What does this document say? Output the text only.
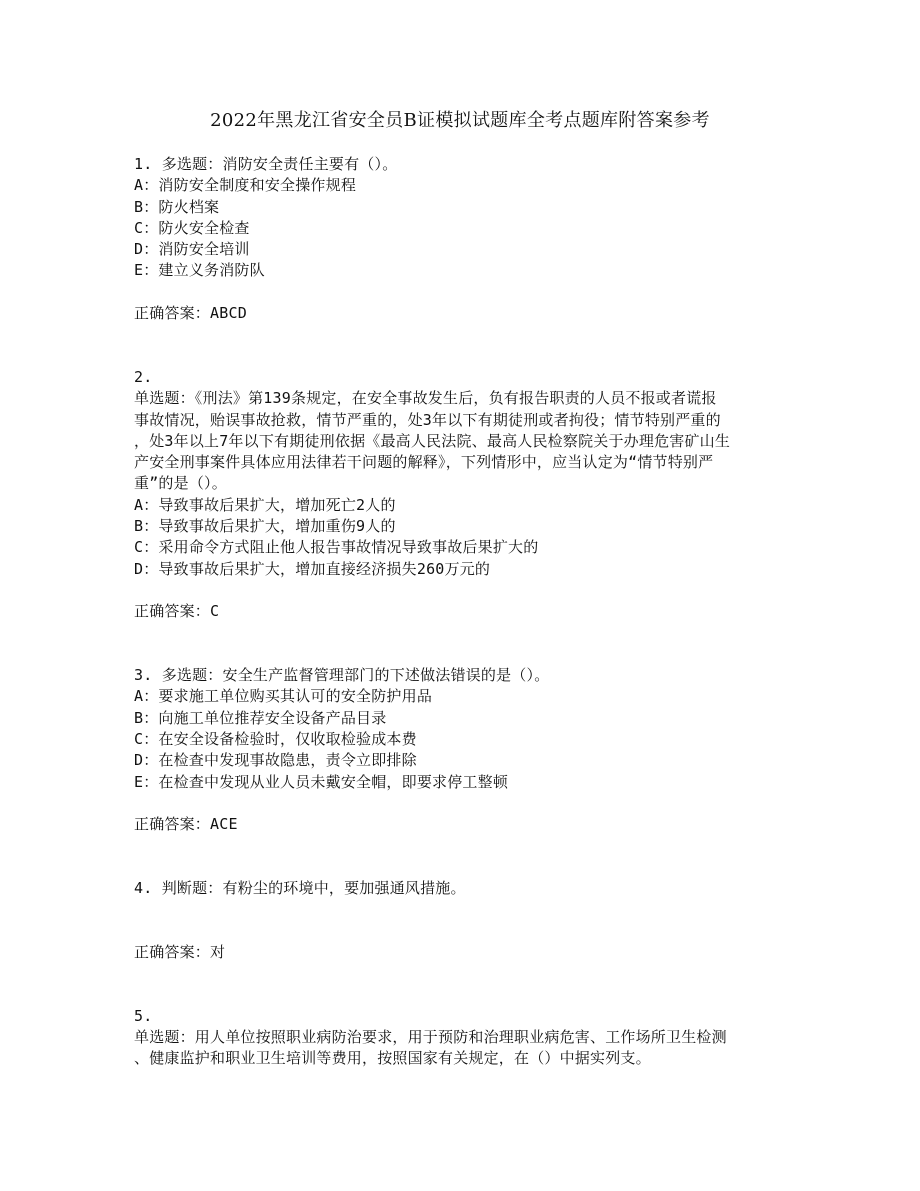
2022年黑龙江省安全员B证模拟试题库全考点题库附答案参考
1. 多选题：消防安全责任主要有（）。
A：消防安全制度和安全操作规程
B：防火档案
C：防火安全检查
D：消防安全培训
E：建立义务消防队
正确答案：ABCD
2.
单选题：《刑法》第139条规定，在安全事故发生后，负有报告职责的人员不报或者谎报
事故情况，贻误事故抢救，情节严重的，处3年以下有期徒刑或者拘役；情节特别严重的
，处3年以上7年以下有期徒刑依据《最高人民法院、最高人民检察院关于办理危害矿山生
产安全刑事案件具体应用法律若干问题的解释》，下列情形中，应当认定为“情节特别严
重”的是（）。
A：导致事故后果扩大，增加死亡2人的
B：导致事故后果扩大，增加重伤9人的
C：采用命令方式阻止他人报告事故情况导致事故后果扩大的
D：导致事故后果扩大，增加直接经济损失260万元的
正确答案：C
3. 多选题：安全生产监督管理部门的下述做法错误的是（）。
A：要求施工单位购买其认可的安全防护用品
B：向施工单位推荐安全设备产品目录
C：在安全设备检验时，仅收取检验成本费
D：在检查中发现事故隐患，责令立即排除
E：在检查中发现从业人员未戴安全帽，即要求停工整顿
正确答案：ACE
4. 判断题：有粉尘的环境中，要加强通风措施。
正确答案：对
5.
单选题：用人单位按照职业病防治要求，用于预防和治理职业病危害、工作场所卫生检测
、健康监护和职业卫生培训等费用，按照国家有关规定，在（）中据实列支。
